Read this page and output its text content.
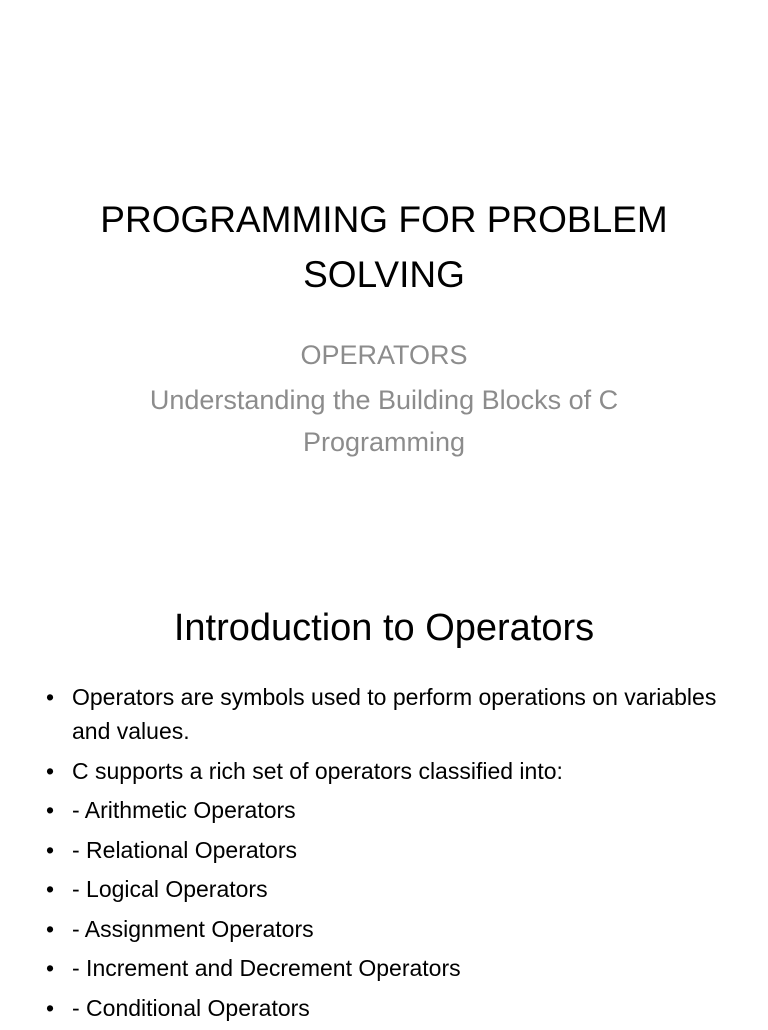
PROGRAMMING FOR PROBLEM SOLVING
OPERATORS
Understanding the Building Blocks of C Programming
Introduction to Operators
• Operators are symbols used to perform operations on variables and values.
• C supports a rich set of operators classified into:
• - Arithmetic Operators
• - Relational Operators
• - Logical Operators
• - Assignment Operators
• - Increment and Decrement Operators
• - Conditional Operators
